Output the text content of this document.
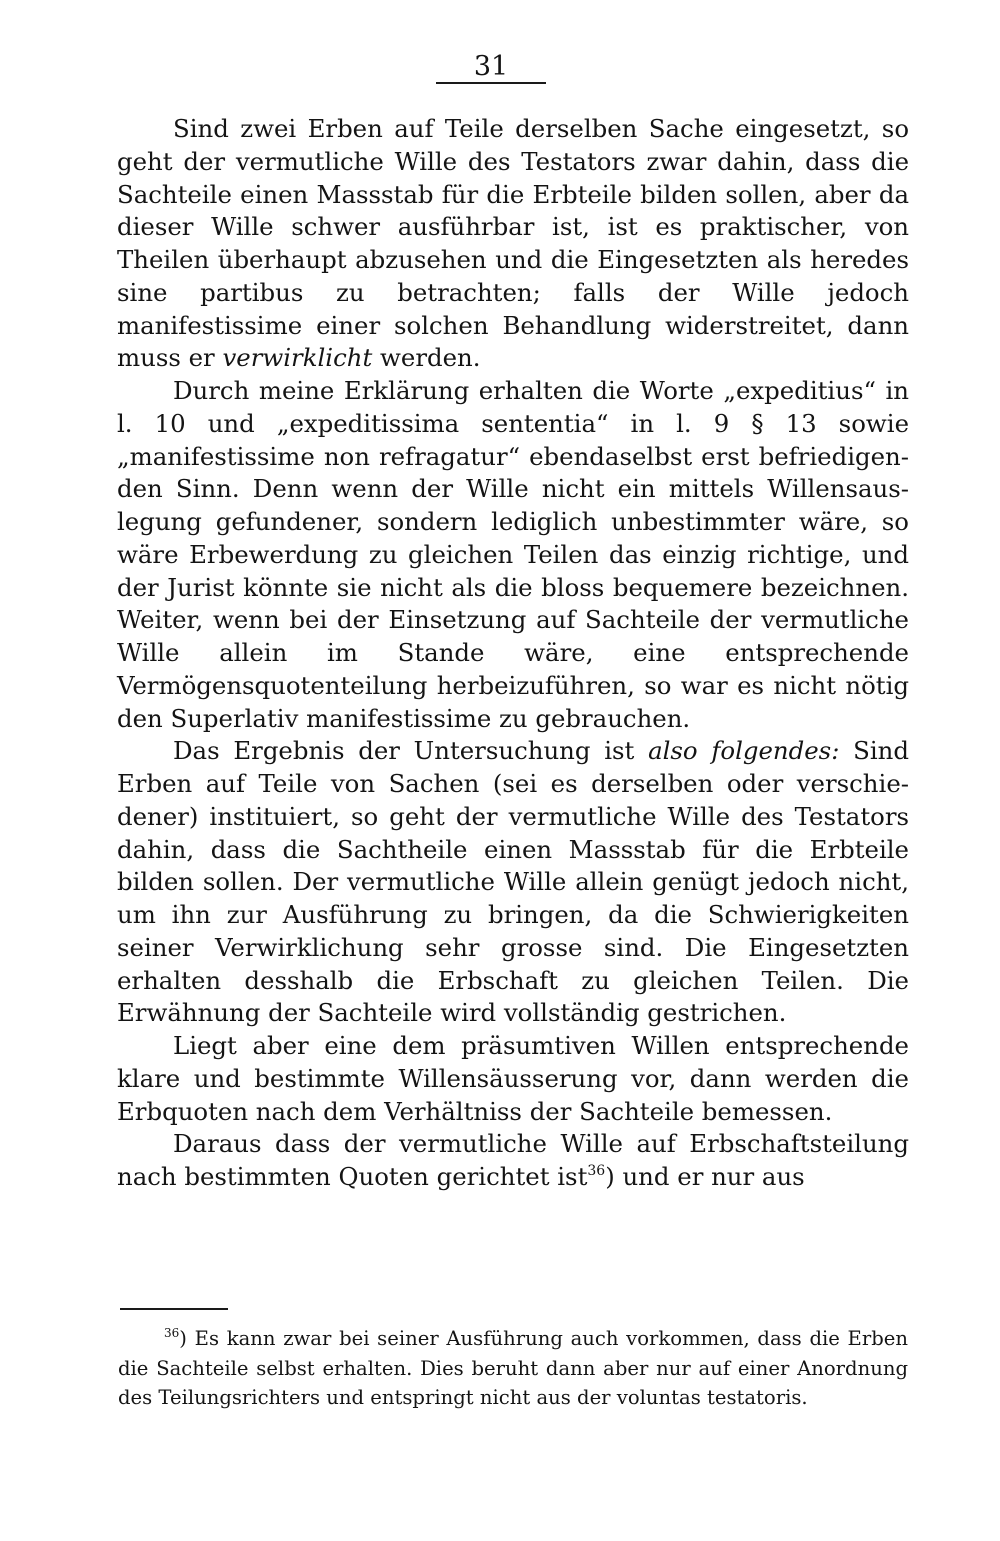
31

Sind zwei Erben auf Teile derselben Sache eingesetzt, so geht der vermutliche Wille des Testators zwar dahin, dass die Sachteile einen Massstab für die Erbteile bilden sollen, aber da dieser Wille schwer ausführbar ist, ist es praktischer, von Theilen überhaupt abzusehen und die Eingesetzten als heredes sine partibus zu betrachten; falls der Wille jedoch manifestissime einer solchen Behandlung widerstreitet, dann muss er verwirklicht werden.

Durch meine Erklärung erhalten die Worte „expeditius“ in l. 10 und „expeditissima sententia“ in l. 9 § 13 sowie „manifestissime non refragatur“ ebendaselbst erst befriedigenden Sinn. Denn wenn der Wille nicht ein mittels Willensauslegung gefundener, sondern lediglich unbestimmter wäre, so wäre Erbewerdung zu gleichen Teilen das einzig richtige, und der Jurist könnte sie nicht als die bloss bequemere bezeichnen. Weiter, wenn bei der Einsetzung auf Sachteile der vermutliche Wille allein im Stande wäre, eine entsprechende Vermögensquotenteilung herbeizuführen, so war es nicht nötig den Superlativ manifestissime zu gebrauchen.

Das Ergebnis der Untersuchung ist also folgendes: Sind Erben auf Teile von Sachen (sei es derselben oder verschiedener) instituiert, so geht der vermutliche Wille des Testators dahin, dass die Sachtheile einen Massstab für die Erbteile bilden sollen. Der vermutliche Wille allein genügt jedoch nicht, um ihn zur Ausführung zu bringen, da die Schwierigkeiten seiner Verwirklichung sehr grosse sind. Die Eingesetzten erhalten desshalb die Erbschaft zu gleichen Teilen. Die Erwähnung der Sachteile wird vollständig gestrichen.

Liegt aber eine dem präsumtiven Willen entsprechende klare und bestimmte Willensäusserung vor, dann werden die Erbquoten nach dem Verhältniss der Sachteile bemessen.

Daraus dass der vermutliche Wille auf Erbschaftsteilung nach bestimmten Quoten gerichtet ist$^{36}$) und er nur aus

$^{36}$) Es kann zwar bei seiner Ausführung auch vorkommen, dass die Erben die Sachteile selbst erhalten. Dies beruht dann aber nur auf einer Anordnung des Teilungsrichters und entspringt nicht aus der voluntas testatoris.
